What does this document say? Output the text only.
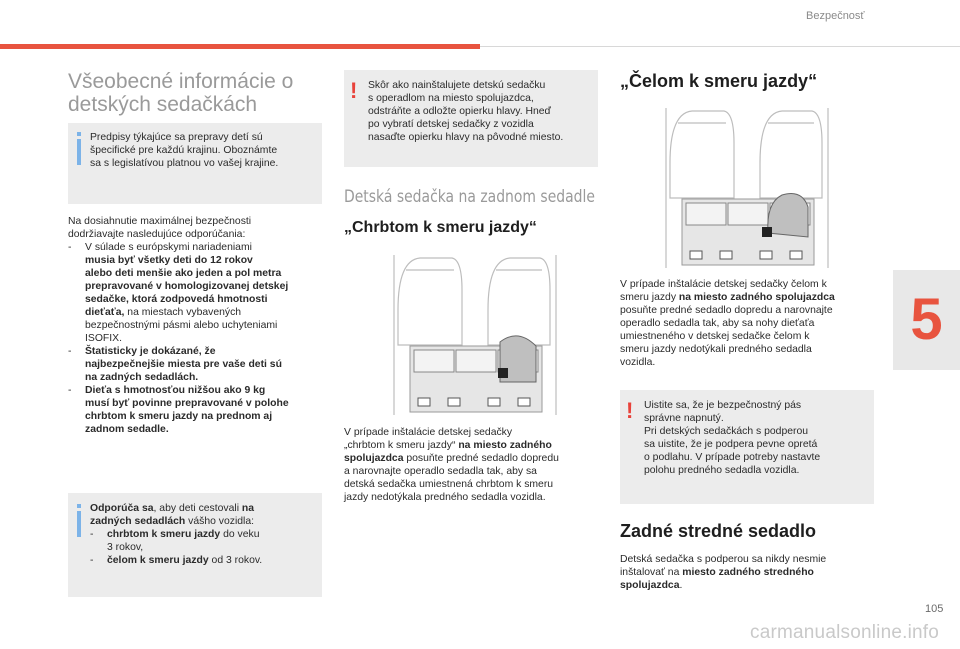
Bezpečnosť
5
105
carmanualsonline.info
Všeobecné informácie o
detských sedačkách
Predpisy týkajúce sa prepravy detí sú
špecifické pre každú krajinu. Oboznámte
sa s legislatívou platnou vo vašej krajine.
Na dosiahnutie maximálnej bezpečnosti
dodržiavajte nasledujúce odporúčania:
-	V súlade s európskymi nariadeniami
musia byť všetky deti do 12 rokov
alebo deti menšie ako jeden a pol metra
prepravované v homologizovanej detskej
sedačke, ktorá zodpovedá hmotnosti
dieťaťa, na miestach vybavených
bezpečnostnými pásmi alebo uchyteniami
ISOFIX.
-	Štatisticky je dokázané, že
najbezpečnejšie miesta pre vaše deti sú
na zadných sedadlách.
-	Dieťa s hmotnosťou nižšou ako 9 kg
musí byť povinne prepravované v polohe
chrbtom k smeru jazdy na prednom aj
zadnom sedadle.
Odporúča sa, aby deti cestovali na
zadných sedadlách vášho vozidla:
-	chrbtom k smeru jazdy do veku
3 rokov,
-	čelom k smeru jazdy od 3 rokov.
! Skôr ako nainštalujete detskú sedačku
s operadlom na miesto spolujazdca,
odstráňte a odložte opierku hlavy. Hneď
po vybratí detskej sedačky z vozidla
nasaďte opierku hlavy na pôvodné miesto.
Detská sedačka na zadnom sedadle
„Chrbtom k smeru jazdy“
V prípade inštalácie detskej sedačky
„chrbtom k smeru jazdy“ na miesto zadného
spolujazdca posuňte predné sedadlo dopredu
a narovnajte operadlo sedadla tak, aby sa
detská sedačka umiestnená chrbtom k smeru
jazdy nedotýkala predného sedadla vozidla.
„Čelom k smeru jazdy“
V prípade inštalácie detskej sedačky čelom k
smeru jazdy na miesto zadného spolujazdca
posuňte predné sedadlo dopredu a narovnajte
operadlo sedadla tak, aby sa nohy dieťaťa
umiestneného v detskej sedačke čelom k
smeru jazdy nedotýkali predného sedadla
vozidla.
! Uistite sa, že je bezpečnostný pás
správne napnutý.
Pri detských sedačkách s podperou
sa uistite, že je podpera pevne opretá
o podlahu. V prípade potreby nastavte
polohu predného sedadla vozidla.
Zadné stredné sedadlo
Detská sedačka s podperou sa nikdy nesmie
inštalovať na miesto zadného stredného
spolujazdca.
